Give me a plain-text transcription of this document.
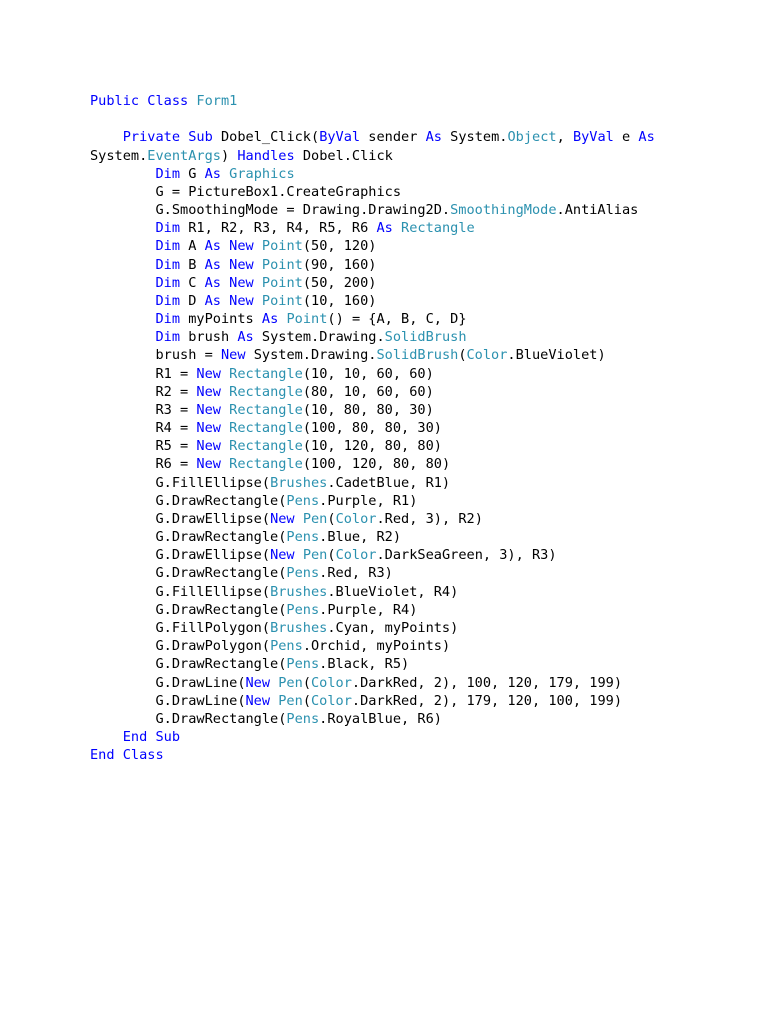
Public Class Form1

Private Sub Dobel_Click(ByVal sender As System.Object, ByVal e As
System.EventArgs) Handles Dobel.Click
Dim G As Graphics
G = PictureBox1.CreateGraphics
G.SmoothingMode = Drawing.Drawing2D.SmoothingMode.AntiAlias
Dim R1, R2, R3, R4, R5, R6 As Rectangle
Dim A As New Point(50, 120)
Dim B As New Point(90, 160)
Dim C As New Point(50, 200)
Dim D As New Point(10, 160)
Dim myPoints As Point() = {A, B, C, D}
Dim brush As System.Drawing.SolidBrush
brush = New System.Drawing.SolidBrush(Color.BlueViolet)
R1 = New Rectangle(10, 10, 60, 60)
R2 = New Rectangle(80, 10, 60, 60)
R3 = New Rectangle(10, 80, 80, 30)
R4 = New Rectangle(100, 80, 80, 30)
R5 = New Rectangle(10, 120, 80, 80)
R6 = New Rectangle(100, 120, 80, 80)
G.FillEllipse(Brushes.CadetBlue, R1)
G.DrawRectangle(Pens.Purple, R1)
G.DrawEllipse(New Pen(Color.Red, 3), R2)
G.DrawRectangle(Pens.Blue, R2)
G.DrawEllipse(New Pen(Color.DarkSeaGreen, 3), R3)
G.DrawRectangle(Pens.Red, R3)
G.FillEllipse(Brushes.BlueViolet, R4)
G.DrawRectangle(Pens.Purple, R4)
G.FillPolygon(Brushes.Cyan, myPoints)
G.DrawPolygon(Pens.Orchid, myPoints)
G.DrawRectangle(Pens.Black, R5)
G.DrawLine(New Pen(Color.DarkRed, 2), 100, 120, 179, 199)
G.DrawLine(New Pen(Color.DarkRed, 2), 179, 120, 100, 199)
G.DrawRectangle(Pens.RoyalBlue, R6)
End Sub
End Class
